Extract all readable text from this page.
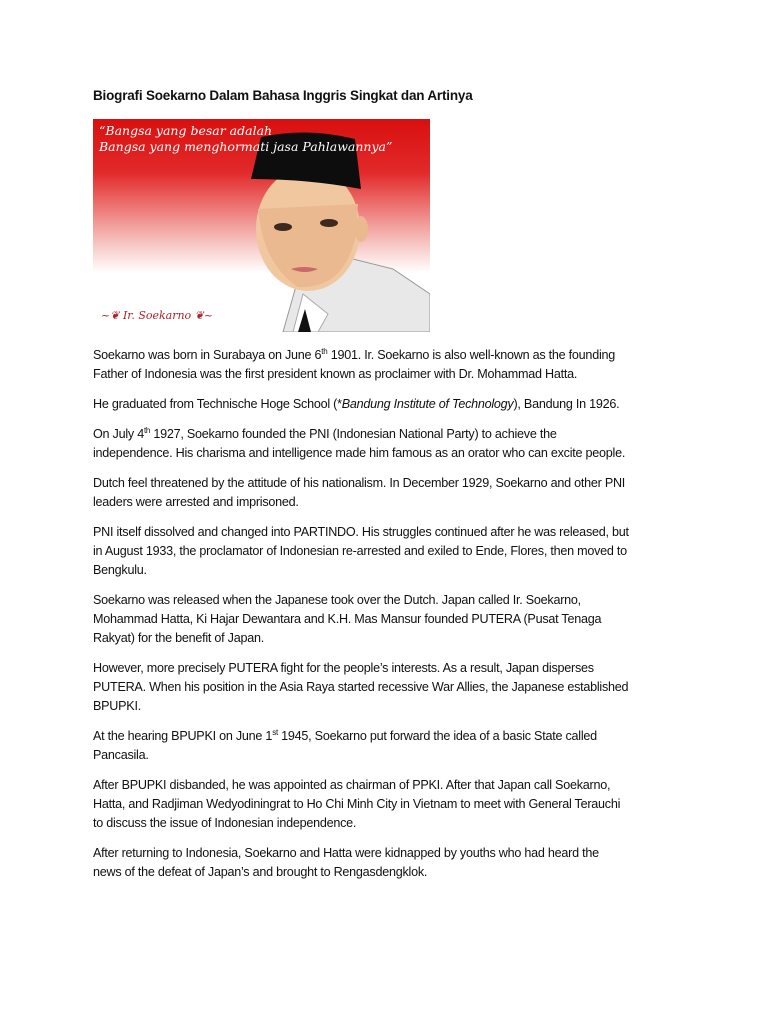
Biografi Soekarno Dalam Bahasa Inggris Singkat dan Artinya
“Bangsa yang besar adalah
Bangsa yang menghormati jasa Pahlawannya”
~❦ Ir. Soekarno ❦~
Soekarno was born in Surabaya on June 6th 1901. Ir. Soekarno is also well-known as the founding
Father of Indonesia was the first president known as proclaimer with Dr. Mohammad Hatta.
He graduated from Technische Hoge School (*Bandung Institute of Technology), Bandung In 1926.
On July 4th 1927, Soekarno founded the PNI (Indonesian National Party) to achieve the
independence. His charisma and intelligence made him famous as an orator who can excite people.
Dutch feel threatened by the attitude of his nationalism. In December 1929, Soekarno and other PNI
leaders were arrested and imprisoned.
PNI itself dissolved and changed into PARTINDO. His struggles continued after he was released, but
in August 1933, the proclamator of Indonesian re-arrested and exiled to Ende, Flores, then moved to
Bengkulu.
Soekarno was released when the Japanese took over the Dutch. Japan called Ir. Soekarno,
Mohammad Hatta, Ki Hajar Dewantara and K.H. Mas Mansur founded PUTERA (Pusat Tenaga
Rakyat) for the benefit of Japan.
However, more precisely PUTERA fight for the people’s interests. As a result, Japan disperses
PUTERA. When his position in the Asia Raya started recessive War Allies, the Japanese established
BPUPKI.
At the hearing BPUPKI on June 1st 1945, Soekarno put forward the idea of a basic State called
Pancasila.
After BPUPKI disbanded, he was appointed as chairman of PPKI. After that Japan call Soekarno,
Hatta, and Radjiman Wedyodiningrat to Ho Chi Minh City in Vietnam to meet with General Terauchi
to discuss the issue of Indonesian independence.
After returning to Indonesia, Soekarno and Hatta were kidnapped by youths who had heard the
news of the defeat of Japan’s and brought to Rengasdengklok.
